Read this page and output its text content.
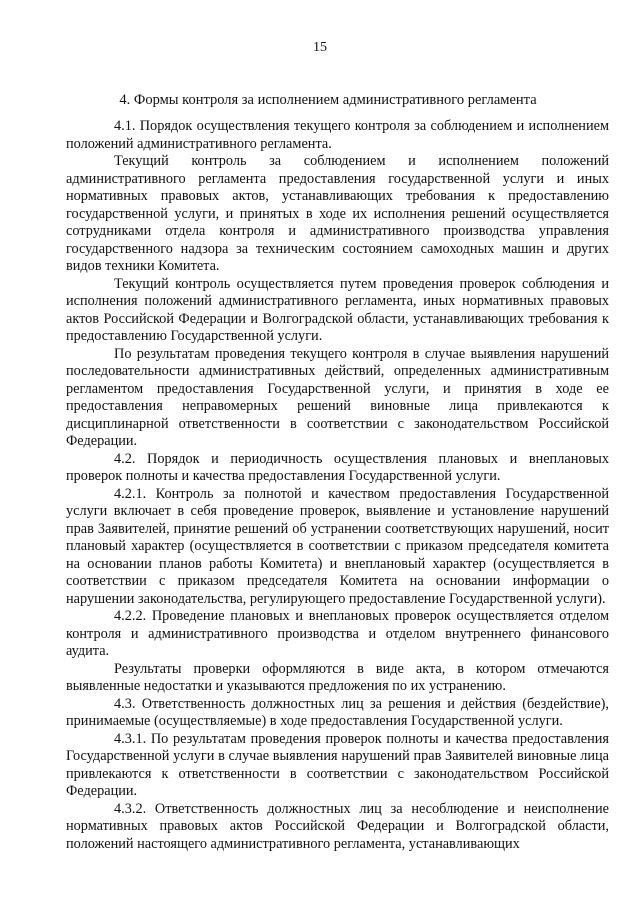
15
4. Формы контроля за исполнением административного регламента

4.1. Порядок осуществления текущего контроля за соблюдением и исполнением положений административного регламента.

Текущий контроль за соблюдением и исполнением положений административного регламента предоставления государственной услуги и иных нормативных правовых актов, устанавливающих требования к предоставлению государственной услуги, и принятых в ходе их исполнения решений осуществляется сотрудниками отдела контроля и административного производства управления государственного надзора за техническим состоянием самоходных машин и других видов техники Комитета.

Текущий контроль осуществляется путем проведения проверок соблюдения и исполнения положений административного регламента, иных нормативных правовых актов Российской Федерации и Волгоградской области, устанавливающих требования к предоставлению Государственной услуги.

По результатам проведения текущего контроля в случае выявления нарушений последовательности административных действий, определенных административным регламентом предоставления Государственной услуги, и принятия в ходе ее предоставления неправомерных решений виновные лица привлекаются к дисциплинарной ответственности в соответствии с законодательством Российской Федерации.

4.2. Порядок и периодичность осуществления плановых и внеплановых проверок полноты и качества предоставления Государственной услуги.

4.2.1. Контроль за полнотой и качеством предоставления Государственной услуги включает в себя проведение проверок, выявление и установление нарушений прав Заявителей, принятие решений об устранении соответствующих нарушений, носит плановый характер (осуществляется в соответствии с приказом председателя комитета на основании планов работы Комитета) и внеплановый характер (осуществляется в соответствии с приказом председателя Комитета на основании информации о нарушении законодательства, регулирующего предоставление Государственной услуги).

4.2.2. Проведение плановых и внеплановых проверок осуществляется отделом контроля и административного производства и отделом внутреннего финансового аудита.

Результаты проверки оформляются в виде акта, в котором отмечаются выявленные недостатки и указываются предложения по их устранению.

4.3. Ответственность должностных лиц за решения и действия (бездействие), принимаемые (осуществляемые) в ходе предоставления Государственной услуги.

4.3.1. По результатам проведения проверок полноты и качества предоставления Государственной услуги в случае выявления нарушений прав Заявителей виновные лица привлекаются к ответственности в соответствии с законодательством Российской Федерации.

4.3.2. Ответственность должностных лиц за несоблюдение и неисполнение нормативных правовых актов Российской Федерации и Волгоградской области, положений настоящего административного регламента, устанавливающих
